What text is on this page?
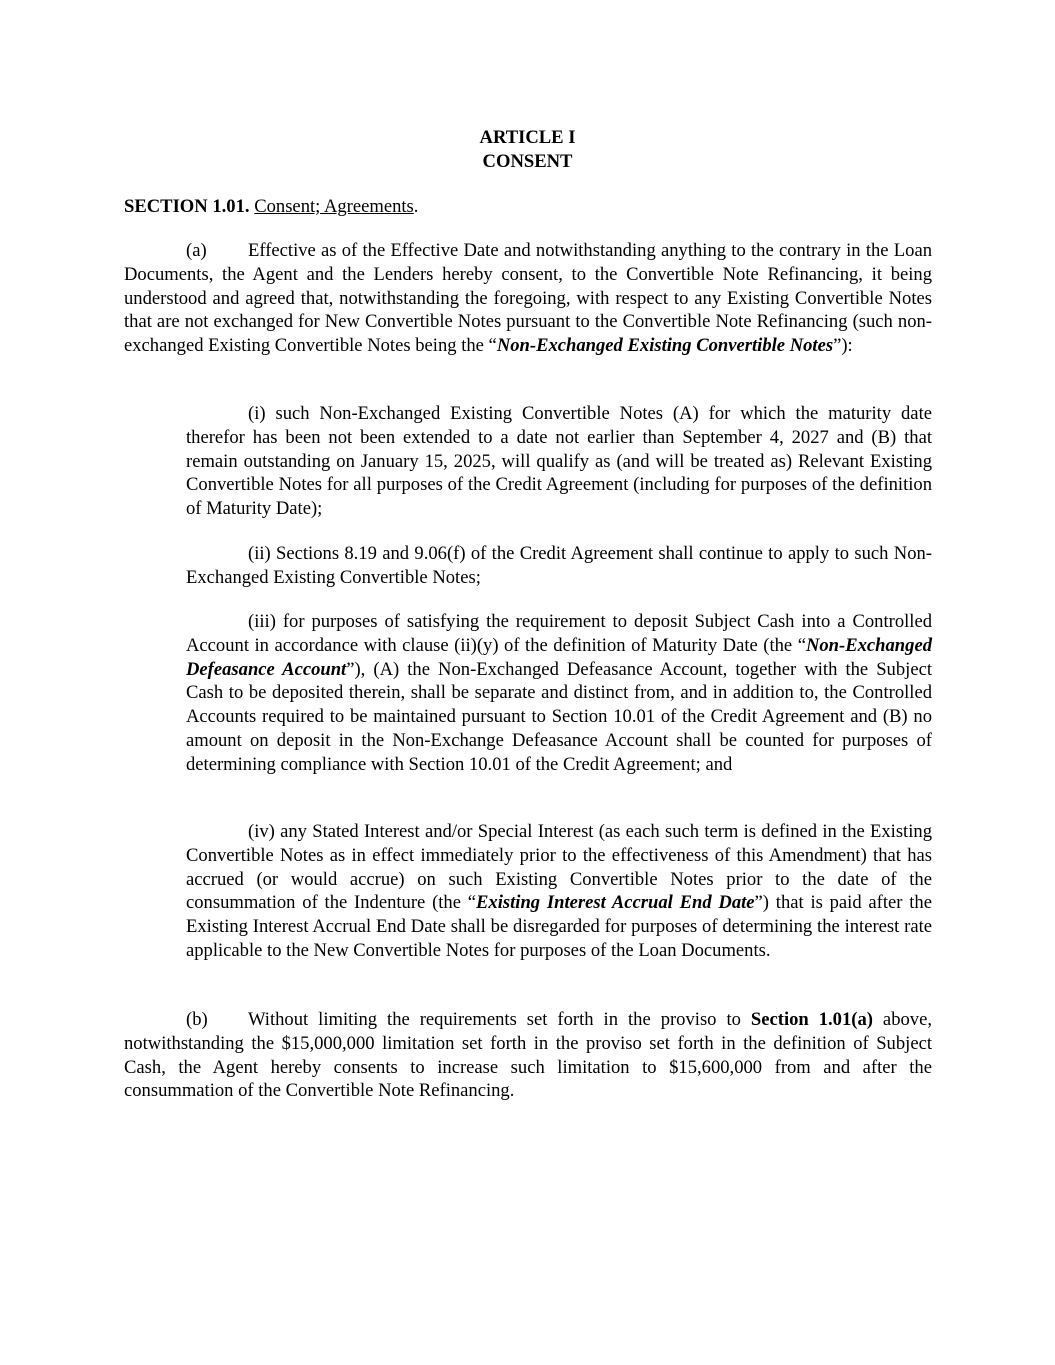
ARTICLE I
CONSENT
SECTION 1.01. Consent; Agreements.

(a) Effective as of the Effective Date and notwithstanding anything to the contrary in the Loan Documents, the Agent and the Lenders hereby consent, to the Convertible Note Refinancing, it being understood and agreed that, notwithstanding the foregoing, with respect to any Existing Convertible Notes that are not exchanged for New Convertible Notes pursuant to the Convertible Note Refinancing (such non-exchanged Existing Convertible Notes being the “Non-Exchanged Existing Convertible Notes”):

(i) such Non-Exchanged Existing Convertible Notes (A) for which the maturity date therefor has been not been extended to a date not earlier than September 4, 2027 and (B) that remain outstanding on January 15, 2025, will qualify as (and will be treated as) Relevant Existing Convertible Notes for all purposes of the Credit Agreement (including for purposes of the definition of Maturity Date);

(ii) Sections 8.19 and 9.06(f) of the Credit Agreement shall continue to apply to such Non-Exchanged Existing Convertible Notes;

(iii) for purposes of satisfying the requirement to deposit Subject Cash into a Controlled Account in accordance with clause (ii)(y) of the definition of Maturity Date (the “Non-Exchanged Defeasance Account”), (A) the Non-Exchanged Defeasance Account, together with the Subject Cash to be deposited therein, shall be separate and distinct from, and in addition to, the Controlled Accounts required to be maintained pursuant to Section 10.01 of the Credit Agreement and (B) no amount on deposit in the Non-Exchange Defeasance Account shall be counted for purposes of determining compliance with Section 10.01 of the Credit Agreement; and

(iv) any Stated Interest and/or Special Interest (as each such term is defined in the Existing Convertible Notes as in effect immediately prior to the effectiveness of this Amendment) that has accrued (or would accrue) on such Existing Convertible Notes prior to the date of the consummation of the Indenture (the “Existing Interest Accrual End Date”) that is paid after the Existing Interest Accrual End Date shall be disregarded for purposes of determining the interest rate applicable to the New Convertible Notes for purposes of the Loan Documents.

(b) Without limiting the requirements set forth in the proviso to Section 1.01(a) above, notwithstanding the $15,000,000 limitation set forth in the proviso set forth in the definition of Subject Cash, the Agent hereby consents to increase such limitation to $15,600,000 from and after the consummation of the Convertible Note Refinancing.
